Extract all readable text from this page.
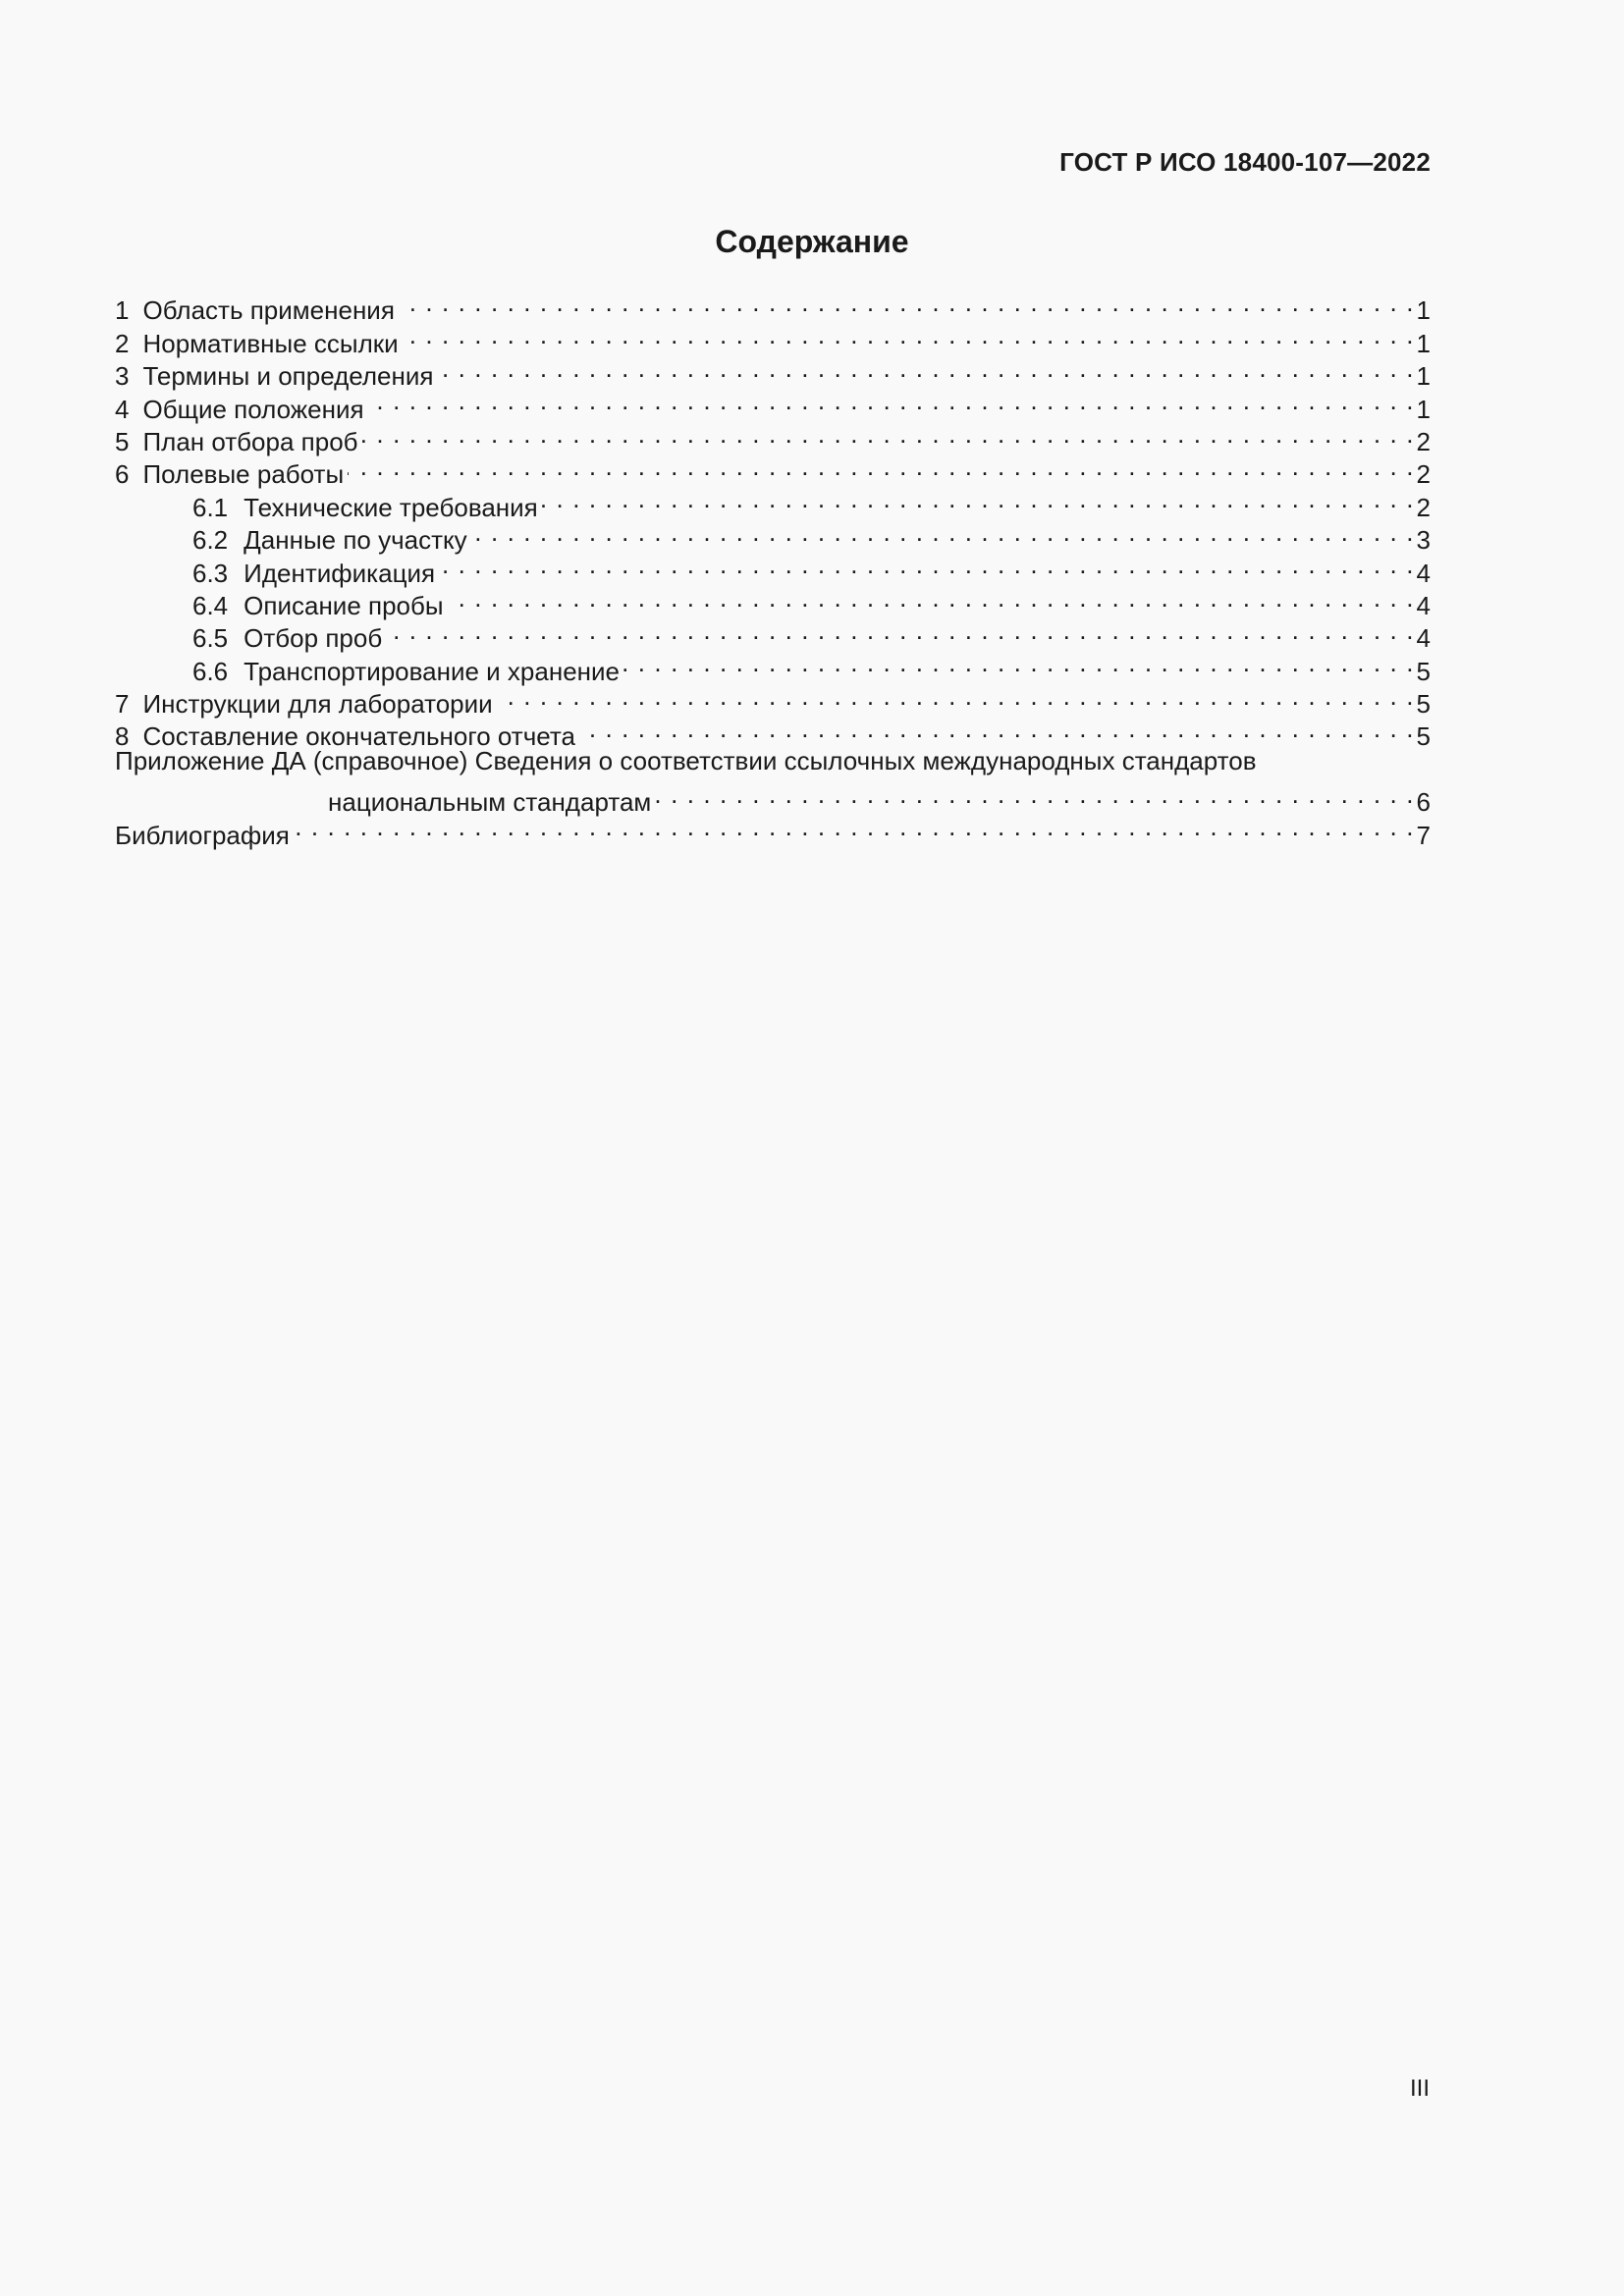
ГОСТ Р ИСО 18400-107—2022
Содержание
1 Область применения . . .	1
2 Нормативные ссылки . . .	1
3 Термины и определения . . .	1
4 Общие положения . . .	1
5 План отбора проб . . .	2
6 Полевые работы . . .	2
6.1 Технические требования . . .	2
6.2 Данные по участку . . .	3
6.3 Идентификация . . .	4
6.4 Описание пробы . . .	4
6.5 Отбор проб . . .	4
6.6 Транспортирование и хранение . . .	5
7 Инструкции для лаборатории . . .	5
8 Составление окончательного отчета . . .	5
Приложение ДА (справочное) Сведения о соответствии ссылочных международных стандартов
национальным стандартам . . .	6
Библиография . . .	7
III
